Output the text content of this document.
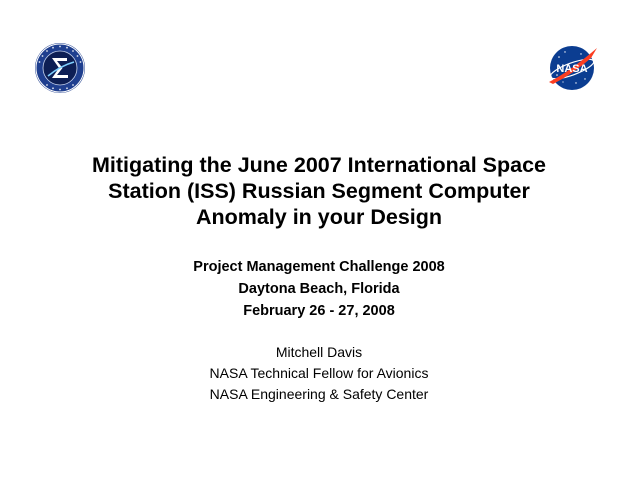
NASA
Mitigating the June 2007 International Space
Station (ISS) Russian Segment Computer
Anomaly in your Design
Project Management Challenge 2008
Daytona Beach, Florida
February 26 - 27, 2008
Mitchell Davis
NASA Technical Fellow for Avionics
NASA Engineering & Safety Center
